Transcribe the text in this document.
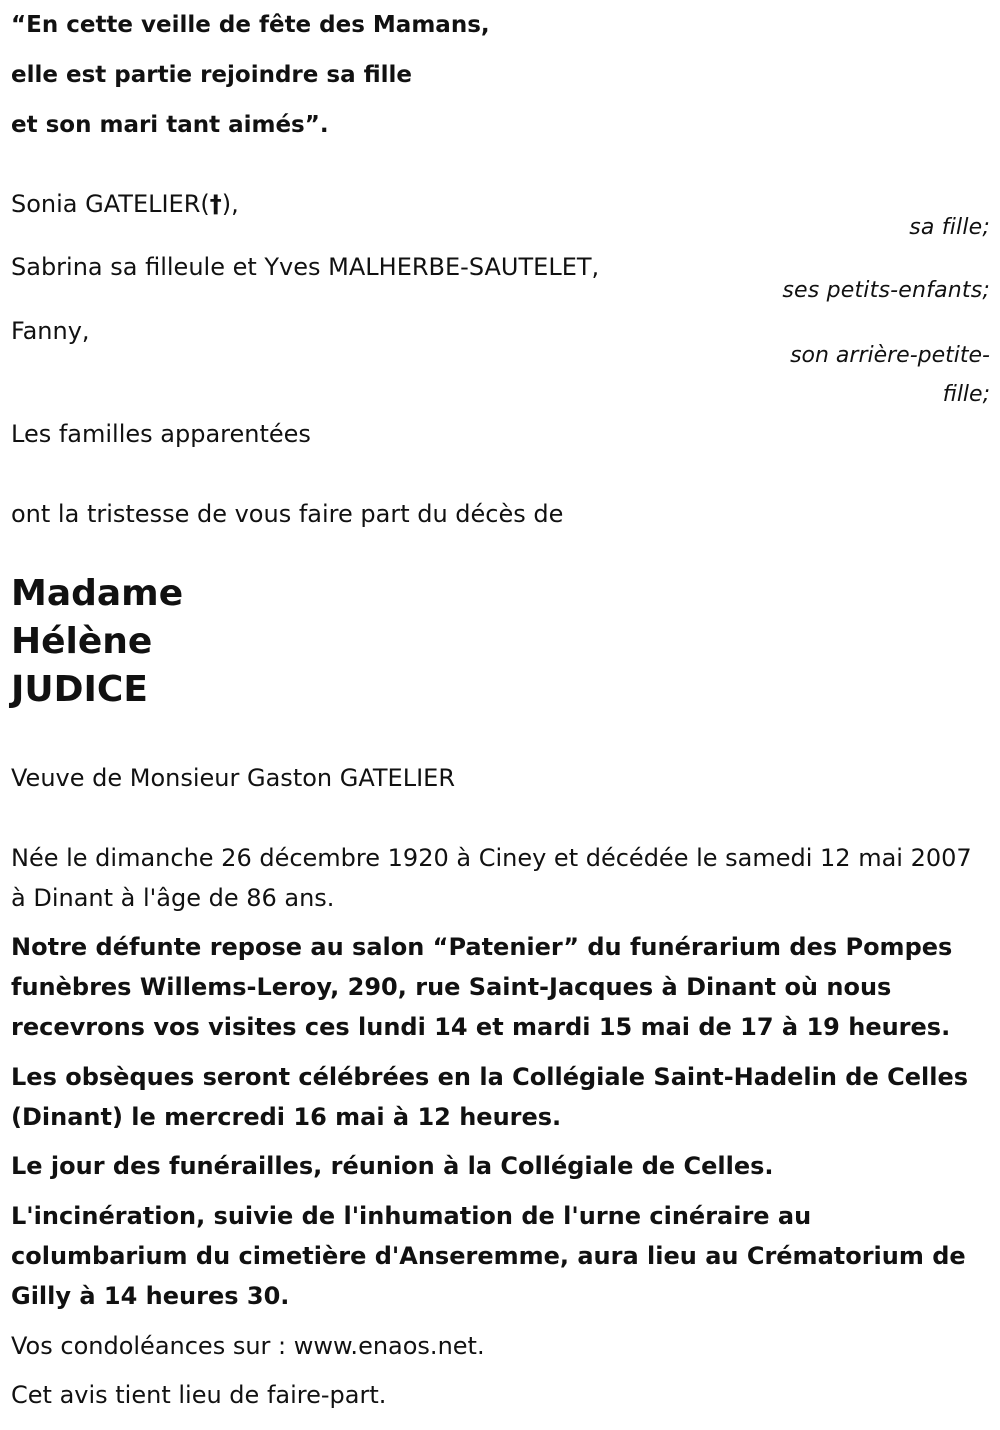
“En cette veille de fête des Mamans,

elle est partie rejoindre sa fille

et son mari tant aimés”.

Sonia GATELIER(†),

sa fille;

Sabrina sa filleule et Yves MALHERBE-SAUTELET,

ses petits-enfants;

Fanny,

son arrière-petite-
fille;

Les familles apparentées

ont la tristesse de vous faire part du décès de

Madame

Hélène

JUDICE

Veuve de Monsieur Gaston GATELIER

Née le dimanche 26 décembre 1920 à Ciney et décédée le samedi 12 mai 2007 à Dinant à l'âge de 86 ans.

Notre défunte repose au salon “Patenier” du funérarium des Pompes funèbres Willems-Leroy, 290, rue Saint-Jacques à Dinant où nous recevrons vos visites ces lundi 14 et mardi 15 mai de 17 à 19 heures.

Les obsèques seront célébrées en la Collégiale Saint-Hadelin de Celles (Dinant) le mercredi 16 mai à 12 heures.

Le jour des funérailles, réunion à la Collégiale de Celles.

L'incinération, suivie de l'inhumation de l'urne cinéraire au columbarium du cimetière d'Anseremme, aura lieu au Crématorium de Gilly à 14 heures 30.

Vos condoléances sur : www.enaos.net.

Cet avis tient lieu de faire-part.
